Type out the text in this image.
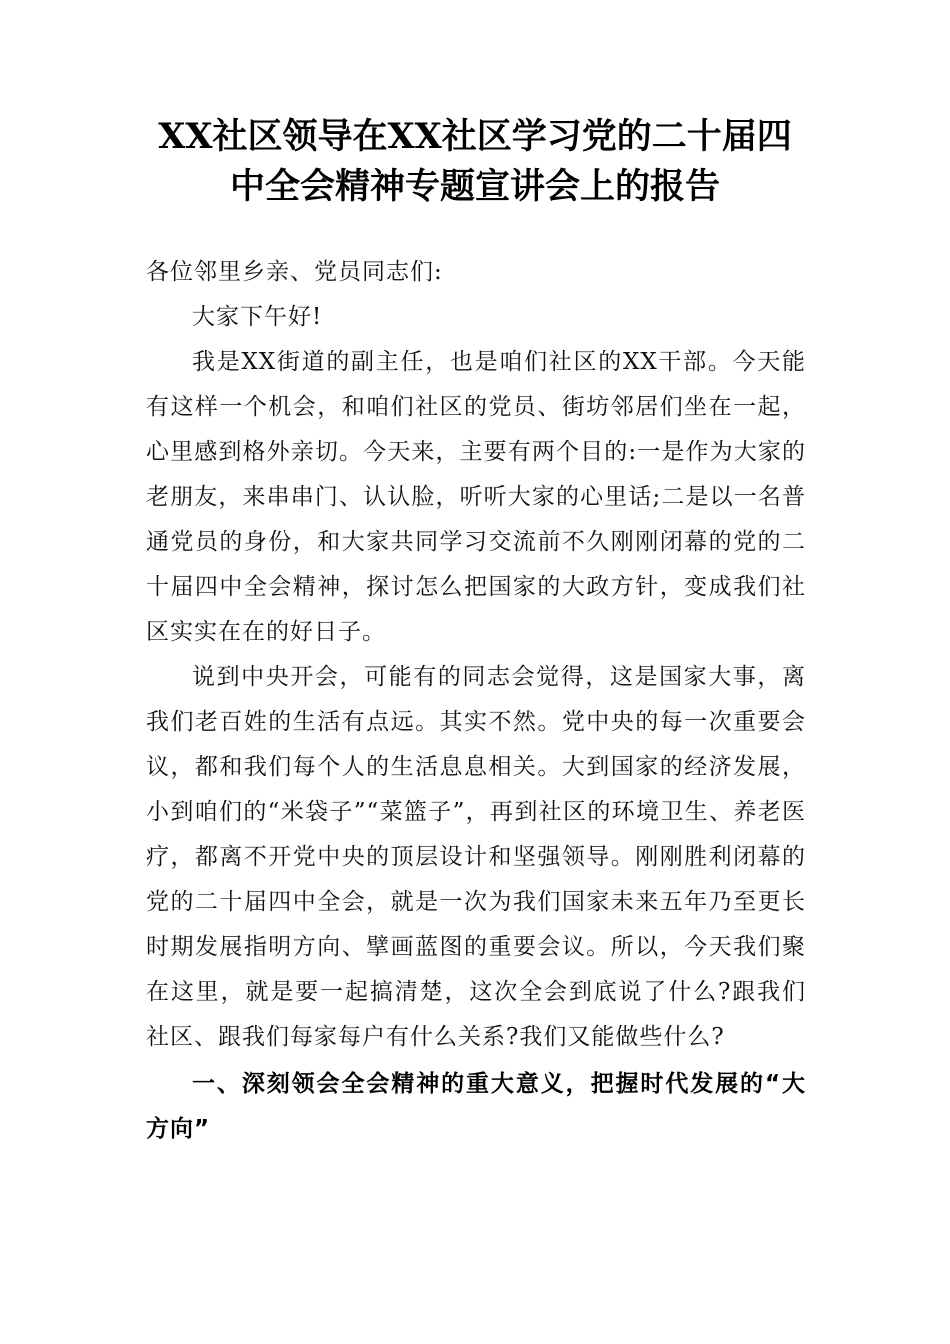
XX社区领导在XX社区学习党的二十届四
中全会精神专题宣讲会上的报告

各位邻里乡亲、党员同志们:

大家下午好!

我是XX街道的副主任，也是咱们社区的XX干部。今天能有这样一个机会，和咱们社区的党员、街坊邻居们坐在一起，心里感到格外亲切。今天来，主要有两个目的:一是作为大家的老朋友，来串串门、认认脸，听听大家的心里话;二是以一名普通党员的身份，和大家共同学习交流前不久刚刚闭幕的党的二十届四中全会精神，探讨怎么把国家的大政方针，变成我们社区实实在在的好日子。

说到中央开会，可能有的同志会觉得，这是国家大事，离我们老百姓的生活有点远。其实不然。党中央的每一次重要会议，都和我们每个人的生活息息相关。大到国家的经济发展，小到咱们的“米袋子”“菜篮子”，再到社区的环境卫生、养老医疗，都离不开党中央的顶层设计和坚强领导。刚刚胜利闭幕的党的二十届四中全会，就是一次为我们国家未来五年乃至更长时期发展指明方向、擘画蓝图的重要会议。所以，今天我们聚在这里，就是要一起搞清楚，这次全会到底说了什么?跟我们社区、跟我们每家每户有什么关系?我们又能做些什么?

一、深刻领会全会精神的重大意义，把握时代发展的“大方向”
